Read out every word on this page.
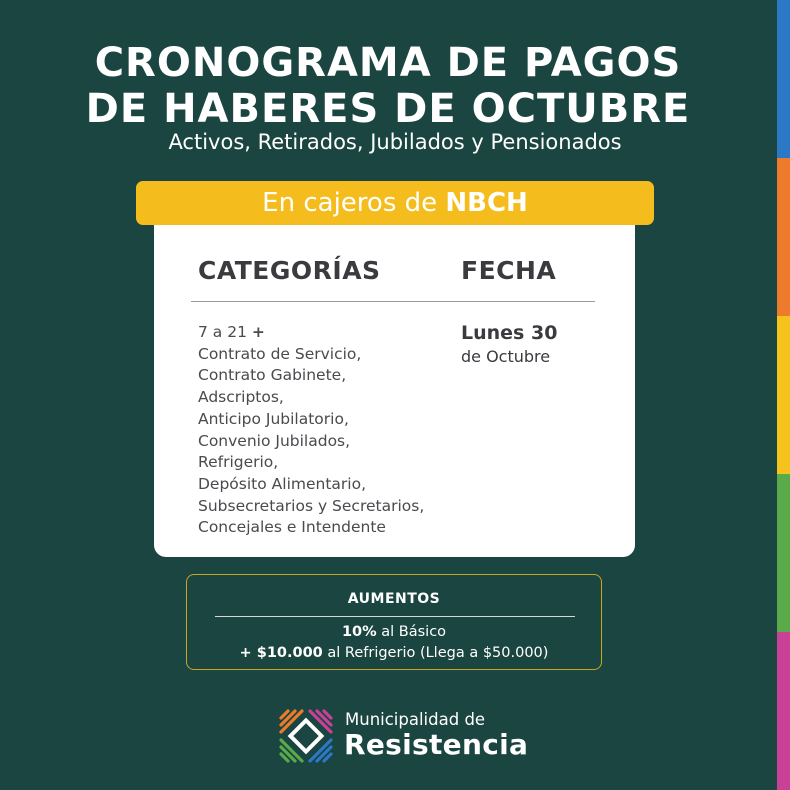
CRONOGRAMA DE PAGOS
DE HABERES DE OCTUBRE
Activos, Retirados, Jubilados y Pensionados
En cajeros de NBCH
CATEGORÍAS	FECHA
7 a 21 +
Contrato de Servicio,
Contrato Gabinete,
Adscriptos,
Anticipo Jubilatorio,
Convenio Jubilados,
Refrigerio,
Depósito Alimentario,
Subsecretarios y Secretarios,
Concejales e Intendente
Lunes 30
de Octubre
AUMENTOS
10% al Básico
+ $10.000 al Refrigerio (Llega a $50.000)
Municipalidad de
Resistencia
